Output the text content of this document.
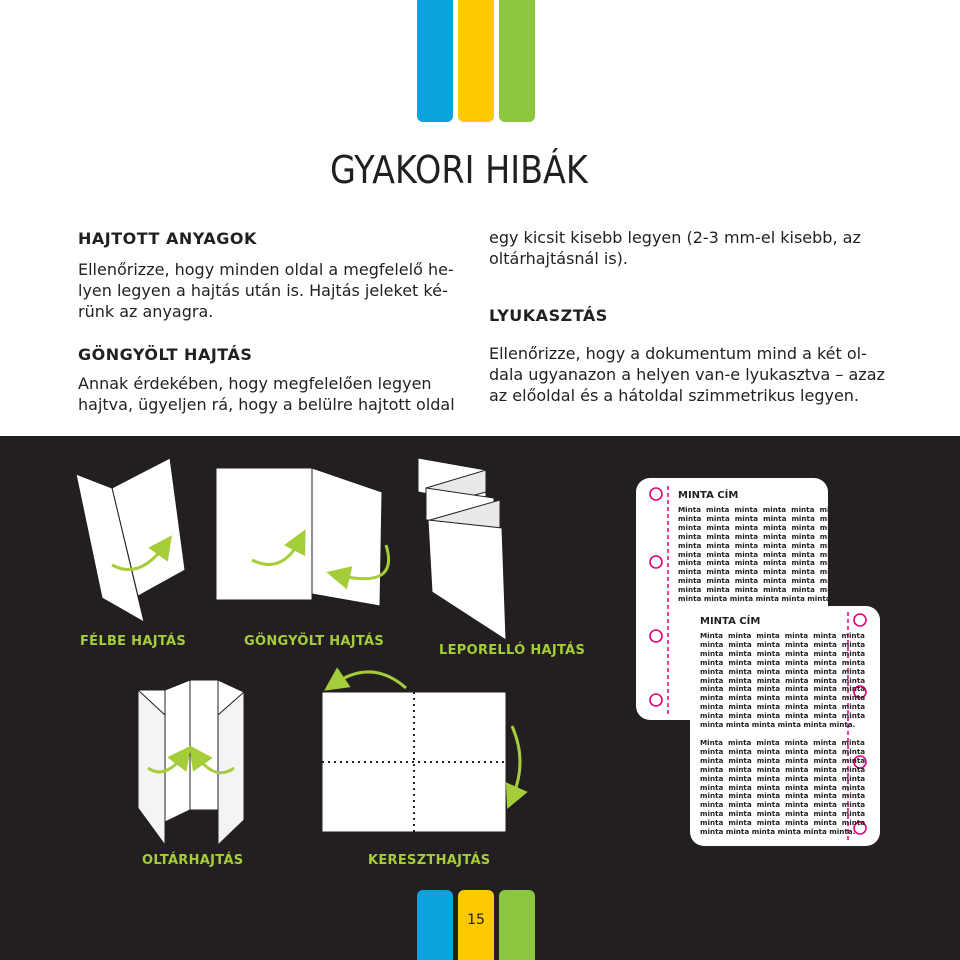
GYAKORI HIBÁK

HAJTOTT ANYAGOK

Ellenőrizze, hogy minden oldal a megfelelő he-
lyen legyen a hajtás után is. Hajtás jeleket ké-
rünk az anyagra.

GÖNGYÖLT HAJTÁS

Annak érdekében, hogy megfelelően legyen
hajtva, ügyeljen rá, hogy a belülre hajtott oldal
egy kicsit kisebb legyen (2-3 mm-el kisebb, az
oltárhajtásnál is).

LYUKASZTÁS

Ellenőrizze, hogy a dokumentum mind a két ol-
dala ugyanazon a helyen van-e lyukasztva – azaz
az előoldal és a hátoldal szimmetrikus legyen.
FÉLBE HAJTÁS	GÖNGYÖLT HAJTÁS
LEPORELLÓ HAJTÁS
OLTÁRHAJTÁS	KERESZTHAJTÁS
MINTA CÍM
Minta  minta  minta  minta  minta  minta
minta  minta  minta  minta  minta  minta
minta  minta  minta  minta  minta  minta
minta  minta  minta  minta  minta  minta
minta  minta  minta  minta  minta  minta
minta  minta  minta  minta  minta  minta
minta  minta  minta  minta  minta  minta
minta  minta  minta  minta  minta  minta
minta  minta  minta  minta  minta  minta
minta  minta  minta  minta  minta  minta
minta minta minta minta minta minta.
MINTA CÍM
Minta  minta  minta  minta  minta  minta
minta  minta  minta  minta  minta  minta
minta  minta  minta  minta  minta  minta
minta  minta  minta  minta  minta  minta
minta  minta  minta  minta  minta  minta
minta  minta  minta  minta  minta  minta
minta  minta  minta  minta  minta  minta
minta  minta  minta  minta  minta  minta
minta  minta  minta  minta  minta  minta
minta  minta  minta  minta  minta  minta
minta minta minta minta minta minta.
Minta  minta  minta  minta  minta  minta
minta  minta  minta  minta  minta  minta
minta  minta  minta  minta  minta  minta
minta  minta  minta  minta  minta  minta
minta  minta  minta  minta  minta  minta
minta  minta  minta  minta  minta  minta
minta  minta  minta  minta  minta  minta
minta  minta  minta  minta  minta  minta
minta  minta  minta  minta  minta  minta
minta  minta  minta  minta  minta  minta
minta minta minta minta minta minta.
15
